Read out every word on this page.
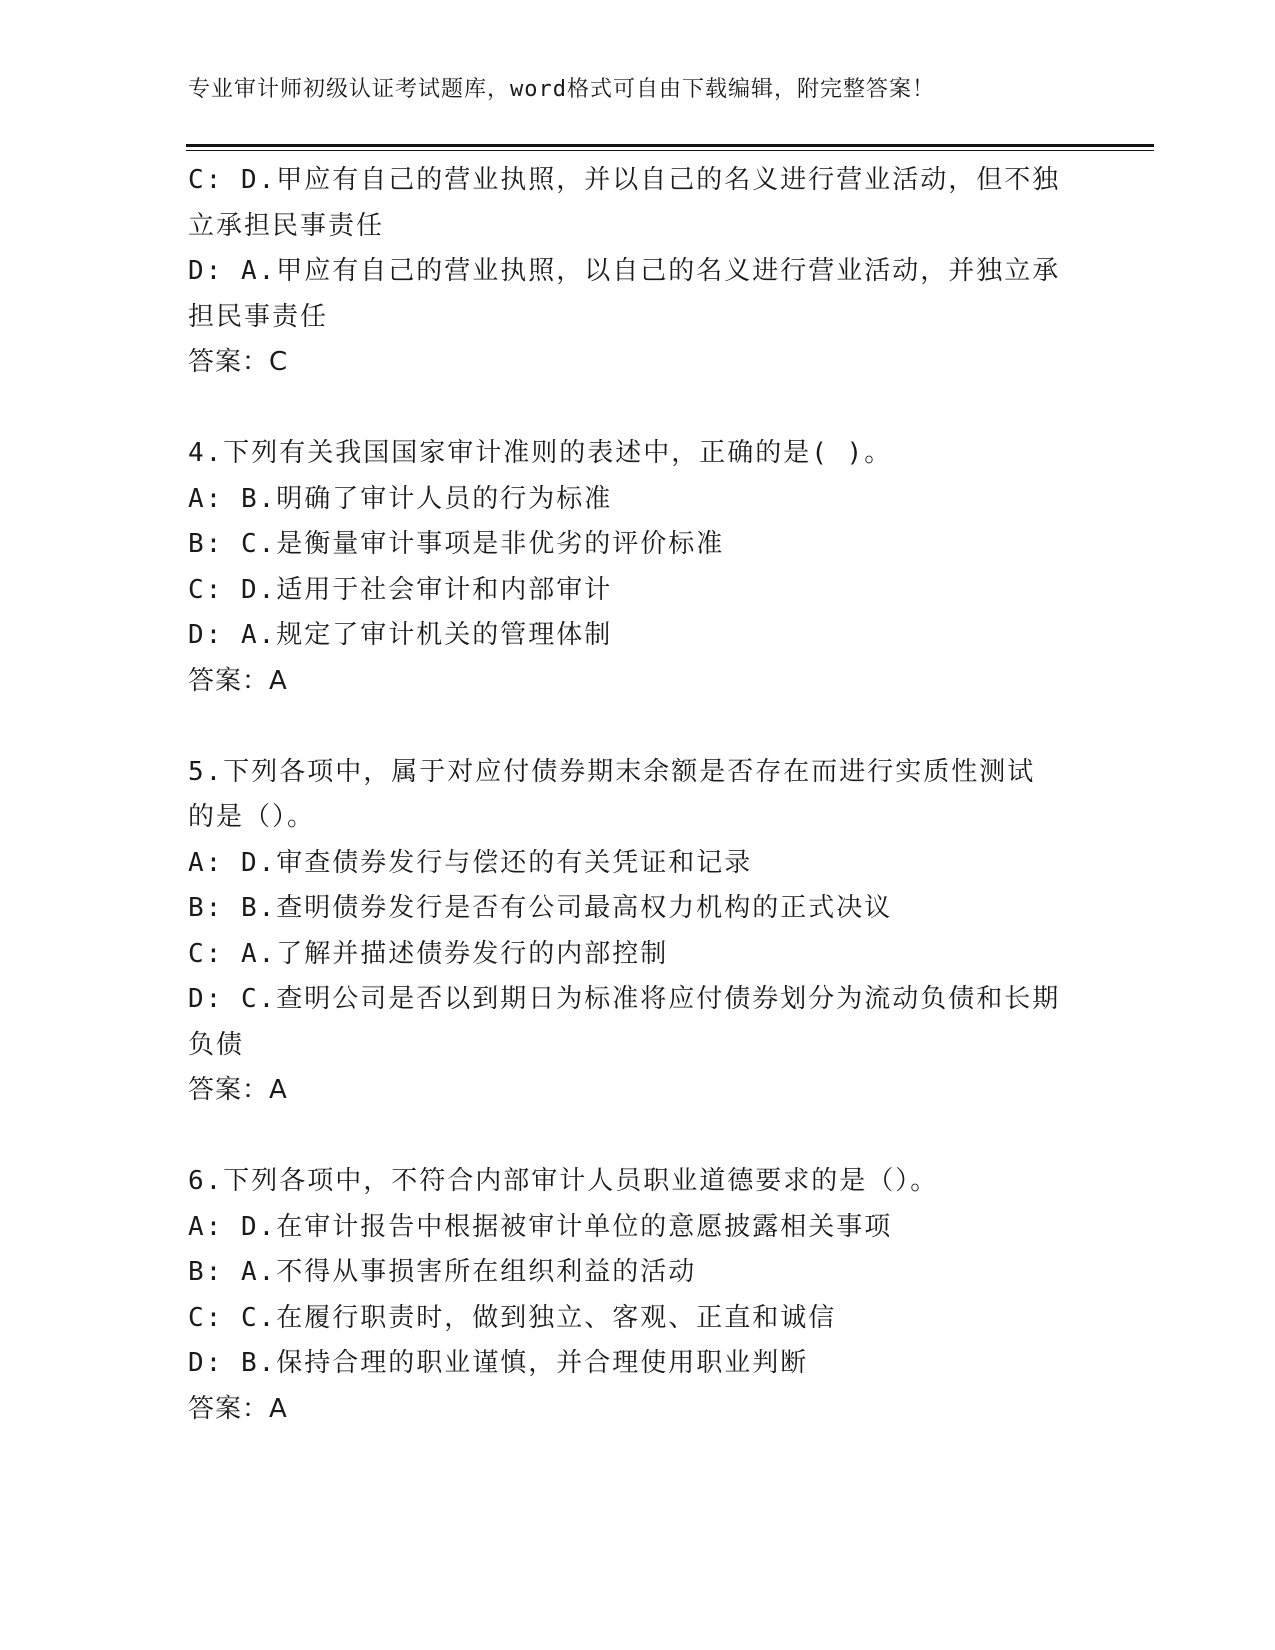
专业审计师初级认证考试题库，word格式可自由下载编辑，附完整答案！
C: D.甲应有自己的营业执照，并以自己的名义进行营业活动，但不独
立承担民事责任
D: A.甲应有自己的营业执照，以自己的名义进行营业活动，并独立承
担民事责任
答案：C
4.下列有关我国国家审计准则的表述中，正确的是( )。
A: B.明确了审计人员的行为标准
B: C.是衡量审计事项是非优劣的评价标准
C: D.适用于社会审计和内部审计
D: A.规定了审计机关的管理体制
答案：A
5.下列各项中，属于对应付债券期末余额是否存在而进行实质性测试
的是（）。
A: D.审查债券发行与偿还的有关凭证和记录
B: B.查明债券发行是否有公司最高权力机构的正式决议
C: A.了解并描述债券发行的内部控制
D: C.查明公司是否以到期日为标准将应付债券划分为流动负债和长期
负债
答案：A
6.下列各项中，不符合内部审计人员职业道德要求的是（）。
A: D.在审计报告中根据被审计单位的意愿披露相关事项
B: A.不得从事损害所在组织利益的活动
C: C.在履行职责时，做到独立、客观、正直和诚信
D: B.保持合理的职业谨慎，并合理使用职业判断
答案：A
